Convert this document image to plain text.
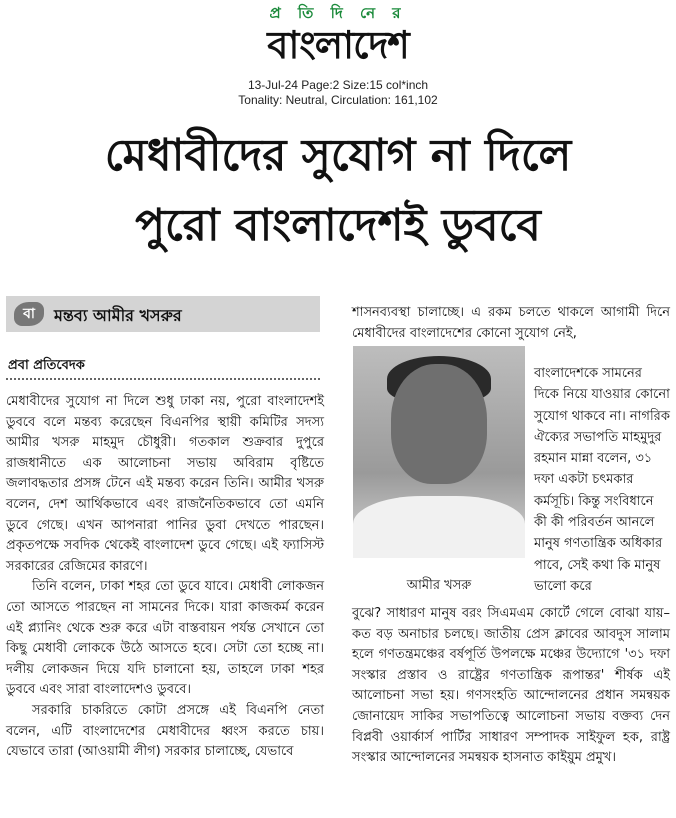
প্র তি দি নে র
বাংলাদেশ
13-Jul-24 Page:2 Size:15 col*inch
Tonality: Neutral, Circulation: 161,102
মেধাবীদের সুযোগ না দিলে
পুরো বাংলাদেশই ডুববে
বা	মন্তব্য আমীর খসরুর
প্রবা প্রতিবেদক

মেধাবীদের সুযোগ না দিলে শুধু ঢাকা নয়, পুরো বাংলাদেশই ডুববে বলে মন্তব্য করেছেন বিএনপির স্থায়ী কমিটির সদস্য আমীর খসরু মাহমুদ চৌধুরী। গতকাল শুক্রবার দুপুরে রাজধানীতে এক আলোচনা সভায় অবিরাম বৃষ্টিতে জলাবদ্ধতার প্রসঙ্গ টেনে এই মন্তব্য করেন তিনি। আমীর খসরু বলেন, দেশ আর্থিকভাবে এবং রাজনৈতিকভাবে তো এমনি ডুবে গেছে। এখন আপনারা পানির ডুবা দেখতে পারছেন। প্রকৃতপক্ষে সবদিক থেকেই বাংলাদেশ ডুবে গেছে। এই ফ্যাসিস্ট সরকারের রেজিমের কারণে।

তিনি বলেন, ঢাকা শহর তো ডুবে যাবে। মেধাবী লোকজন তো আসতে পারছেন না সামনের দিকে। যারা কাজকর্ম করেন এই প্ল্যানিং থেকে শুরু করে এটা বাস্তবায়ন পর্যন্ত সেখানে তো কিছু মেধাবী লোককে উঠে আসতে হবে। সেটা তো হচ্ছে না। দলীয় লোকজন দিয়ে যদি চালানো হয়, তাহলে ঢাকা শহর ডুববে এবং সারা বাংলাদেশও ডুববে।

সরকারি চাকরিতে কোটা প্রসঙ্গে এই বিএনপি নেতা বলেন, এটি বাংলাদেশের মেধাবীদের ধ্বংস করতে চায়। যেভাবে তারা (আওয়ামী লীগ) সরকার চালাচ্ছে, যেভাবে

শাসনব্যবস্থা চালাচ্ছে। এ রকম চলতে থাকলে আগামী দিনে মেধাবীদের বাংলাদেশের কোনো সুযোগ নেই,

আমীর খসরু

বাংলাদেশকে সামনের দিকে নিয়ে যাওয়ার কোনো সুযোগ থাকবে না। নাগরিক ঐক্যের সভাপতি মাহমুদুর রহমান মান্না বলেন, ৩১ দফা একটা চৎমকার কর্মসূচি। কিন্তু সংবিধানে কী কী পরিবর্তন আনলে মানুষ গণতান্ত্রিক অধিকার পাবে, সেই কথা কি মানুষ ভালো করে

বুঝে? সাধারণ মানুষ বরং সিএমএম কোর্টে গেলে বোঝা যায়– কত বড় অনাচার চলছে। জাতীয় প্রেস ক্লাবের আবদুস সালাম হলে গণতন্ত্রমঞ্চের বর্ষপূর্তি উপলক্ষে মঞ্চের উদ্যোগে '৩১ দফা সংস্কার প্রস্তাব ও রাষ্ট্রের গণতান্ত্রিক রূপান্তর' শীর্ষক এই আলোচনা সভা হয়। গণসংহতি আন্দোলনের প্রধান সমন্বয়ক জোনায়েদ সাকির সভাপতিত্বে আলোচনা সভায় বক্তব্য দেন বিপ্লবী ওয়ার্কার্স পার্টির সাধারণ সম্পাদক সাইফুল হক, রাষ্ট্র সংস্কার আন্দোলনের সমন্বয়ক হাসনাত কাইয়ুম প্রমুখ।
